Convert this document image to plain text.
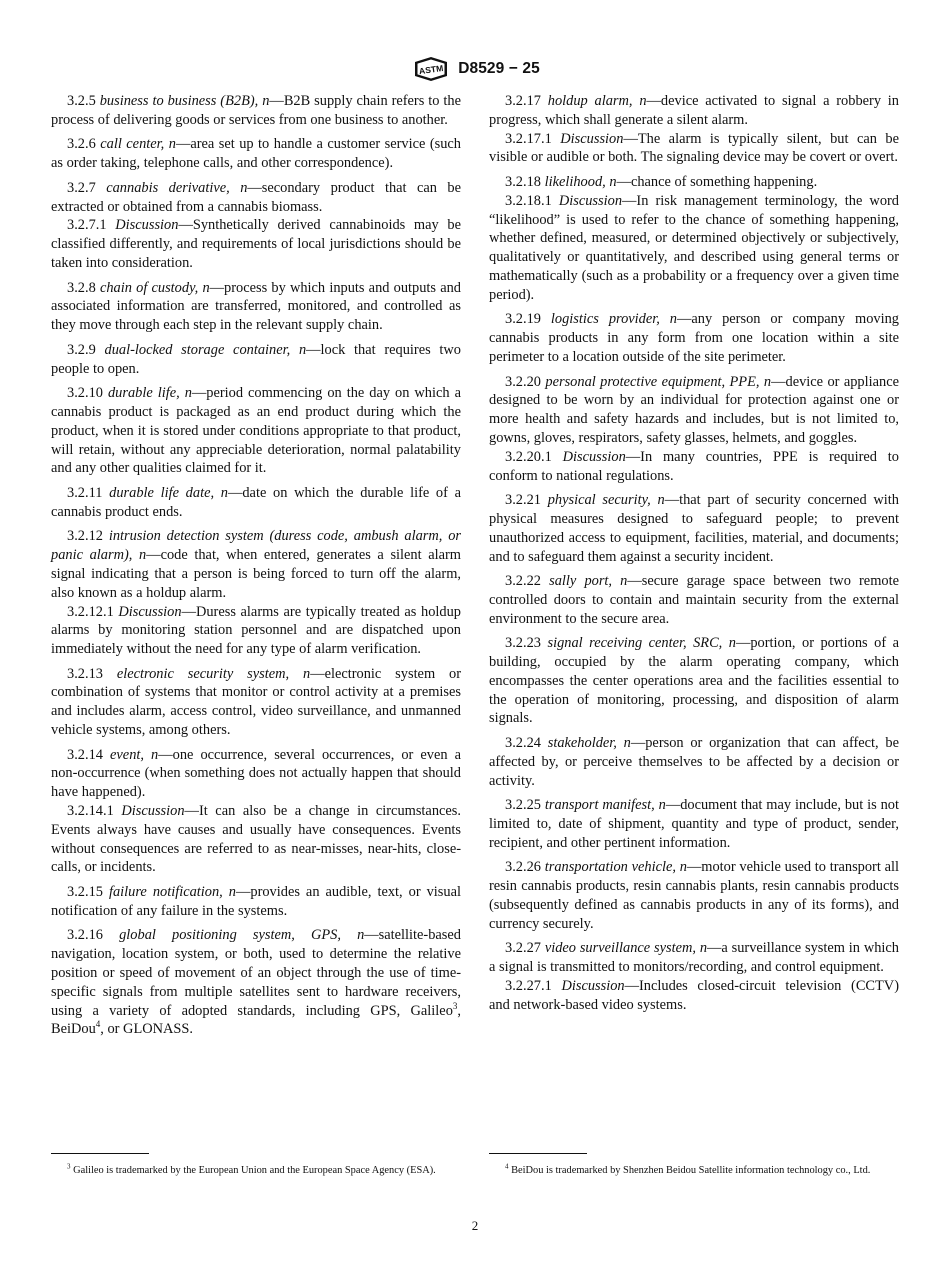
ASTM D8529 − 25

3.2.5 business to business (B2B), n—B2B supply chain refers to the process of delivering goods or services from one business to another.

3.2.6 call center, n—area set up to handle a customer service (such as order taking, telephone calls, and other correspondence).

3.2.7 cannabis derivative, n—secondary product that can be extracted or obtained from a cannabis biomass.

3.2.7.1 Discussion—Synthetically derived cannabinoids may be classified differently, and requirements of local jurisdictions should be taken into consideration.

3.2.8 chain of custody, n—process by which inputs and outputs and associated information are transferred, monitored, and controlled as they move through each step in the relevant supply chain.

3.2.9 dual-locked storage container, n—lock that requires two people to open.

3.2.10 durable life, n—period commencing on the day on which a cannabis product is packaged as an end product during which the product, when it is stored under conditions appropriate to that product, will retain, without any appreciable deterioration, normal palatability and any other qualities claimed for it.

3.2.11 durable life date, n—date on which the durable life of a cannabis product ends.

3.2.12 intrusion detection system (duress code, ambush alarm, or panic alarm), n—code that, when entered, generates a silent alarm signal indicating that a person is being forced to turn off the alarm, also known as a holdup alarm.

3.2.12.1 Discussion—Duress alarms are typically treated as holdup alarms by monitoring station personnel and are dispatched upon immediately without the need for any type of alarm verification.

3.2.13 electronic security system, n—electronic system or combination of systems that monitor or control activity at a premises and includes alarm, access control, video surveillance, and unmanned vehicle systems, among others.

3.2.14 event, n—one occurrence, several occurrences, or even a non-occurrence (when something does not actually happen that should have happened).

3.2.14.1 Discussion—It can also be a change in circumstances. Events always have causes and usually have consequences. Events without consequences are referred to as near-misses, near-hits, close-calls, or incidents.

3.2.15 failure notification, n—provides an audible, text, or visual notification of any failure in the systems.

3.2.16 global positioning system, GPS, n—satellite-based navigation, location system, or both, used to determine the relative position or speed of movement of an object through the use of time-specific signals from multiple satellites sent to hardware receivers, using a variety of adopted standards, including GPS, Galileo$^3$, BeiDou$^4$, or GLONASS.

3.2.17 holdup alarm, n—device activated to signal a robbery in progress, which shall generate a silent alarm.

3.2.17.1 Discussion—The alarm is typically silent, but can be visible or audible or both. The signaling device may be covert or overt.

3.2.18 likelihood, n—chance of something happening.

3.2.18.1 Discussion—In risk management terminology, the word “likelihood” is used to refer to the chance of something happening, whether defined, measured, or determined objectively or subjectively, qualitatively or quantitatively, and described using general terms or mathematically (such as a probability or a frequency over a given time period).

3.2.19 logistics provider, n—any person or company moving cannabis products in any form from one location within a site perimeter to a location outside of the site perimeter.

3.2.20 personal protective equipment, PPE, n—device or appliance designed to be worn by an individual for protection against one or more health and safety hazards and includes, but is not limited to, gowns, gloves, respirators, safety glasses, helmets, and goggles.

3.2.20.1 Discussion—In many countries, PPE is required to conform to national regulations.

3.2.21 physical security, n—that part of security concerned with physical measures designed to safeguard people; to prevent unauthorized access to equipment, facilities, material, and documents; and to safeguard them against a security incident.

3.2.22 sally port, n—secure garage space between two remote controlled doors to contain and maintain security from the external environment to the secure area.

3.2.23 signal receiving center, SRC, n—portion, or portions of a building, occupied by the alarm operating company, which encompasses the center operations area and the facilities essential to the operation of monitoring, processing, and disposition of alarm signals.

3.2.24 stakeholder, n—person or organization that can affect, be affected by, or perceive themselves to be affected by a decision or activity.

3.2.25 transport manifest, n—document that may include, but is not limited to, date of shipment, quantity and type of product, sender, recipient, and other pertinent information.

3.2.26 transportation vehicle, n—motor vehicle used to transport all resin cannabis products, resin cannabis plants, resin cannabis products (subsequently defined as cannabis products in any of its forms), and currency securely.

3.2.27 video surveillance system, n—a surveillance system in which a signal is transmitted to monitors/recording, and control equipment.

3.2.27.1 Discussion—Includes closed-circuit television (CCTV) and network-based video systems.

$^3$ Galileo is trademarked by the European Union and the European Space Agency (ESA).	$^4$ BeiDou is trademarked by Shenzhen Beidou Satellite information technology co., Ltd.
2
